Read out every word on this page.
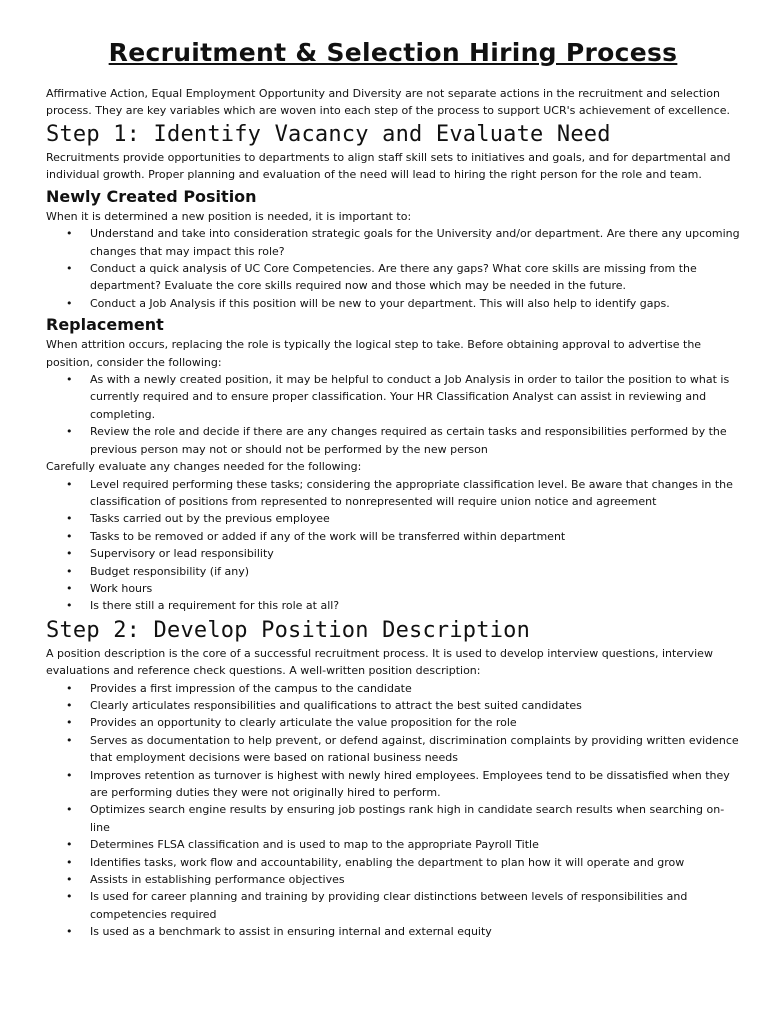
Recruitment & Selection Hiring Process

Affirmative Action, Equal Employment Opportunity and Diversity are not separate actions in the recruitment and selection process. They are key variables which are woven into each step of the process to support UCR's achievement of excellence.

Step 1: Identify Vacancy and Evaluate Need

Recruitments provide opportunities to departments to align staff skill sets to initiatives and goals, and for departmental and individual growth. Proper planning and evaluation of the need will lead to hiring the right person for the role and team.

Newly Created Position

When it is determined a new position is needed, it is important to:

• Understand and take into consideration strategic goals for the University and/or department. Are there any upcoming changes that may impact this role?
• Conduct a quick analysis of UC Core Competencies. Are there any gaps? What core skills are missing from the department? Evaluate the core skills required now and those which may be needed in the future.
• Conduct a Job Analysis if this position will be new to your department. This will also help to identify gaps.
Replacement

When attrition occurs, replacing the role is typically the logical step to take. Before obtaining approval to advertise the position, consider the following:

• As with a newly created position, it may be helpful to conduct a Job Analysis in order to tailor the position to what is currently required and to ensure proper classification. Your HR Classification Analyst can assist in reviewing and completing.
• Review the role and decide if there are any changes required as certain tasks and responsibilities performed by the previous person may not or should not be performed by the new person

Carefully evaluate any changes needed for the following:

• Level required performing these tasks; considering the appropriate classification level. Be aware that changes in the classification of positions from represented to nonrepresented will require union notice and agreement
• Tasks carried out by the previous employee
• Tasks to be removed or added if any of the work will be transferred within department
• Supervisory or lead responsibility
• Budget responsibility (if any)
• Work hours
• Is there still a requirement for this role at all?
Step 2: Develop Position Description

A position description is the core of a successful recruitment process. It is used to develop interview questions, interview evaluations and reference check questions. A well-written position description:

• Provides a first impression of the campus to the candidate
• Clearly articulates responsibilities and qualifications to attract the best suited candidates
• Provides an opportunity to clearly articulate the value proposition for the role
• Serves as documentation to help prevent, or defend against, discrimination complaints by providing written evidence that employment decisions were based on rational business needs
• Improves retention as turnover is highest with newly hired employees. Employees tend to be dissatisfied when they are performing duties they were not originally hired to perform.
• Optimizes search engine results by ensuring job postings rank high in candidate search results when searching on-line
• Determines FLSA classification and is used to map to the appropriate Payroll Title
• Identifies tasks, work flow and accountability, enabling the department to plan how it will operate and grow
• Assists in establishing performance objectives
• Is used for career planning and training by providing clear distinctions between levels of responsibilities and competencies required
• Is used as a benchmark to assist in ensuring internal and external equity
